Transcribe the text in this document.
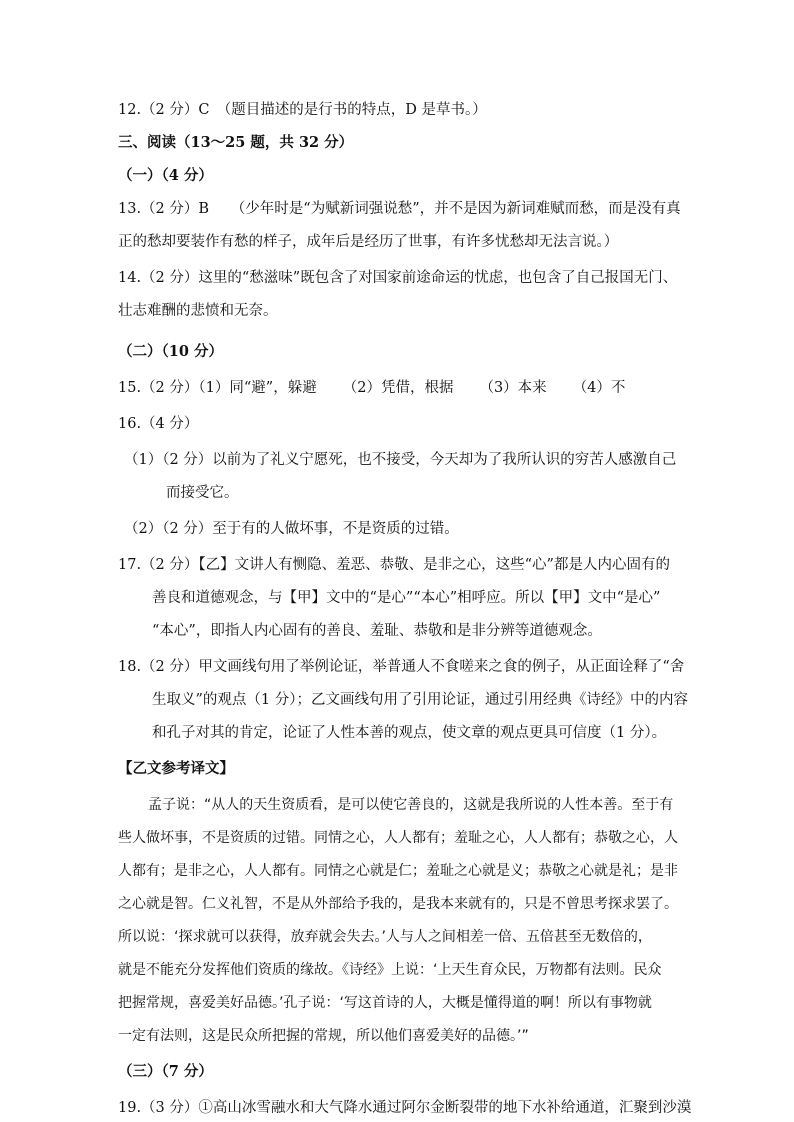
12.（2 分）C　（题目描述的是行书的特点，D 是草书。）
三、阅读（13～25 题，共 32 分）
（一）（4 分）
13.（2 分）B　　（少年时是“为赋新词强说愁”，并不是因为新词难赋而愁，而是没有真
正的愁却要装作有愁的样子，成年后是经历了世事，有许多忧愁却无法言说。）
14.（2 分）这里的“愁滋味”既包含了对国家前途命运的忧虑，也包含了自己报国无门、
壮志难酬的悲愤和无奈。
（二）（10 分）
15.（2 分）（1）同“避”，躲避 （2）凭借，根据 （3）本来 （4）不
16.（4 分）
（1）（2 分）以前为了礼义宁愿死，也不接受，今天却为了我所认识的穷苦人感激自己
而接受它。
（2）（2 分）至于有的人做坏事，不是资质的过错。
17.（2 分）【乙】文讲人有恻隐、羞恶、恭敬、是非之心，这些“心”都是人内心固有的
善良和道德观念，与【甲】文中的“是心”“本心”相呼应。所以【甲】文中“是心”
“本心”，即指人内心固有的善良、羞耻、恭敬和是非分辨等道德观念。
18.（2 分）甲文画线句用了举例论证，举普通人不食嗟来之食的例子，从正面诠释了“舍
生取义”的观点（1 分）；乙文画线句用了引用论证，通过引用经典《诗经》中的内容
和孔子对其的肯定，论证了人性本善的观点，使文章的观点更具可信度（1 分）。
【乙文参考译文】
孟子说：“从人的天生资质看，是可以使它善良的，这就是我所说的人性本善。至于有
些人做坏事，不是资质的过错。同情之心，人人都有；羞耻之心，人人都有；恭敬之心，人
人都有；是非之心，人人都有。同情之心就是仁；羞耻之心就是义；恭敬之心就是礼；是非
之心就是智。仁义礼智，不是从外部给予我的，是我本来就有的，只是不曾思考探求罢了。
所以说：‘探求就可以获得，放弃就会失去。’人与人之间相差一倍、五倍甚至无数倍的，
就是不能充分发挥他们资质的缘故。《诗经》上说：‘上天生育众民，万物都有法则。民众
把握常规，喜爱美好品德。’孔子说：‘写这首诗的人，大概是懂得道的啊！所以有事物就
一定有法则，这是民众所把握的常规，所以他们喜爱美好的品德。’”
（三）（7 分）
19.（3 分）①高山冰雪融水和大气降水通过阿尔金断裂带的地下水补给通道，汇聚到沙漠
